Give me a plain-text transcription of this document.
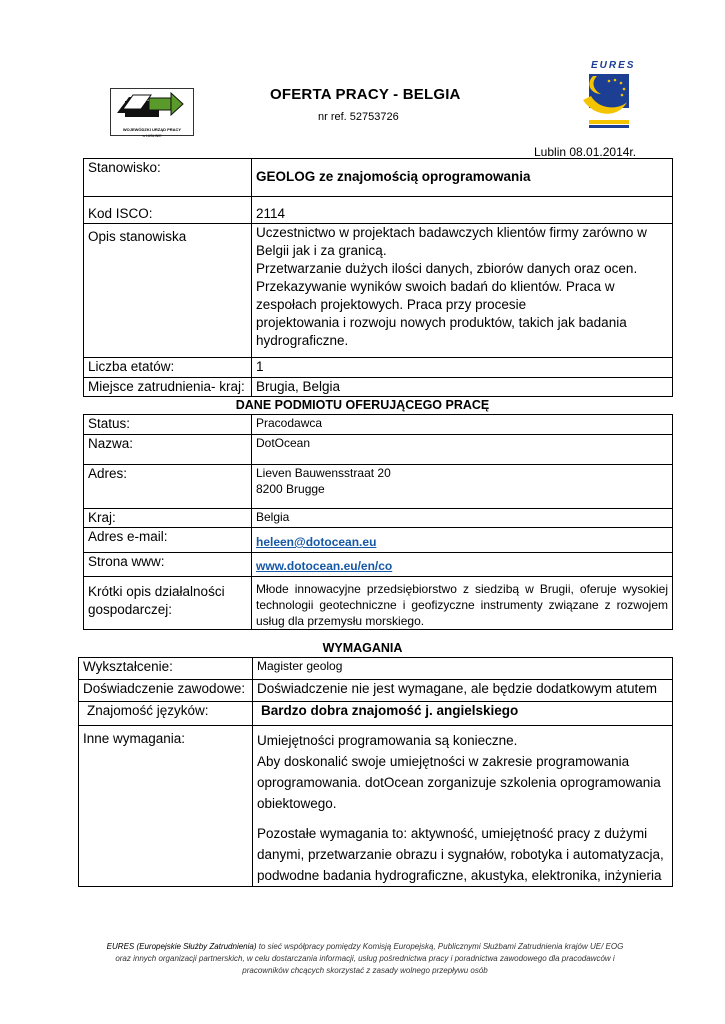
WOJEWÓDZKI URZĄD PRACY
w LUBLINIE
OFERTA PRACY - BELGIA
nr ref. 52753726
EURES
Lublin 08.01.2014r.
Stanowisko:	GEOLOG ze znajomością oprogramowania
Kod ISCO:	2114
Opis stanowiska	Uczestnictwo w projektach badawczych klientów firmy zarówno w Belgii jak i za granicą.
Przetwarzanie dużych ilości danych, zbiorów danych oraz ocen.
Przekazywanie wyników swoich badań do klientów. Praca w zespołach projektowych. Praca przy procesie
projektowania i rozwoju nowych produktów, takich jak badania hydrograficzne.
Liczba etatów:	1
Miejsce zatrudnienia- kraj:	Brugia, Belgia
DANE PODMIOTU OFERUJĄCEGO PRACĘ
Status:	Pracodawca
Nazwa:	DotOcean
Adres:	Lieven Bauwensstraat 20
8200 Brugge

Kraj:	Belgia
Adres e-mail:	heleen@dotocean.eu
Strona www:	www.dotocean.eu/en/co
Krótki opis działalności gospodarczej:	Młode innowacyjne przedsiębiorstwo z siedzibą w Brugii, oferuje wysokiej technologii geotechniczne i geofizyczne instrumenty związane z rozwojem usług dla przemysłu morskiego.
WYMAGANIA
Wykształcenie:	Magister geolog
Doświadczenie zawodowe:	Doświadczenie nie jest wymagane, ale będzie dodatkowym atutem
Znajomość języków:	Bardzo dobra znajomość j. angielskiego
Inne wymagania:	Umiejętności programowania są konieczne.
Aby doskonalić swoje umiejętności w zakresie programowania oprogramowania. dotOcean zorganizuje szkolenia oprogramowania obiektowego.
Pozostałe wymagania to: aktywność, umiejętność pracy z dużymi danymi, przetwarzanie obrazu i sygnałów, robotyka i automatyzacja, podwodne badania hydrograficzne, akustyka, elektronika, inżynieria
EURES (Europejskie Służby Zatrudnienia) to sieć współpracy pomiędzy Komisją Europejską, Publicznymi Służbami Zatrudnienia krajów UE/ EOG
oraz innych organizacji partnerskich, w celu dostarczania informacji, usług pośrednictwa pracy i poradnictwa zawodowego dla pracodawców i
pracowników chcących skorzystać z zasady wolnego przepływu osób
